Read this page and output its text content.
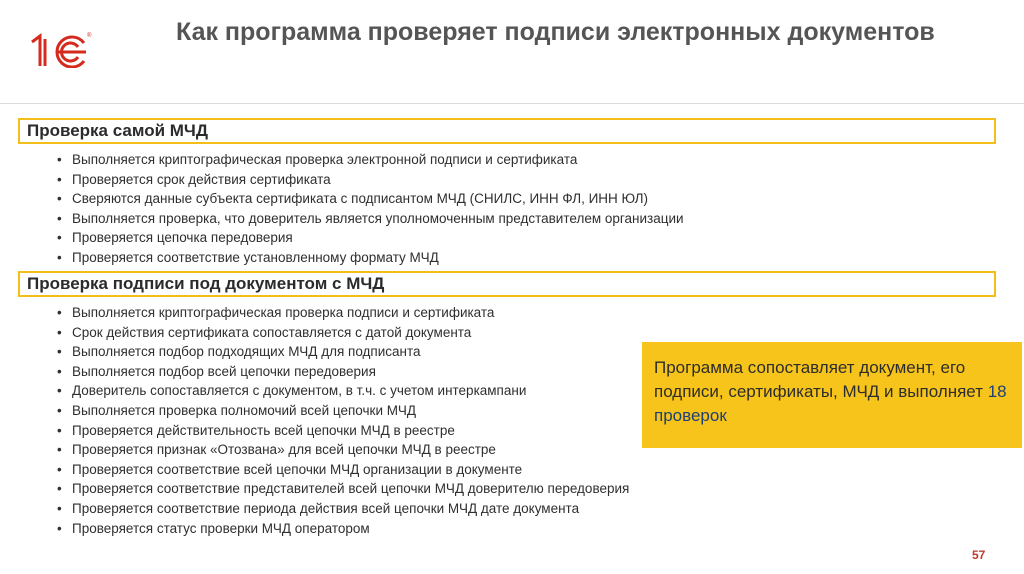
®	Как программа проверяет подписи электронных документов
Проверка самой МЧД
• Выполняется криптографическая проверка электронной подписи и сертификата
• Проверяется срок действия сертификата
• Сверяются данные субъекта сертификата с подписантом МЧД (СНИЛС, ИНН ФЛ, ИНН ЮЛ)
• Выполняется проверка, что доверитель является уполномоченным представителем организации
• Проверяется цепочка передоверия
• Проверяется соответствие установленному формату МЧД
Проверка подписи под документом с МЧД
• Выполняется криптографическая проверка подписи и сертификата
• Срок действия сертификата сопоставляется с датой документа
• Выполняется подбор подходящих МЧД для подписанта
• Выполняется подбор всей цепочки передоверия
• Доверитель сопоставляется с документом, в т.ч. с учетом интеркампани
• Выполняется проверка полномочий всей цепочки МЧД
• Проверяется действительность всей цепочки МЧД в реестре
• Проверяется признак «Отозвана» для всей цепочки МЧД в реестре
• Проверяется соответствие всей цепочки МЧД организации в документе
• Проверяется соответствие представителей всей цепочки МЧД доверителю передоверия
• Проверяется соответствие периода действия всей цепочки МЧД дате документа
• Проверяется статус проверки МЧД оператором
Программа сопоставляет документ, его подписи, сертификаты, МЧД и выполняет 18 проверок
57
